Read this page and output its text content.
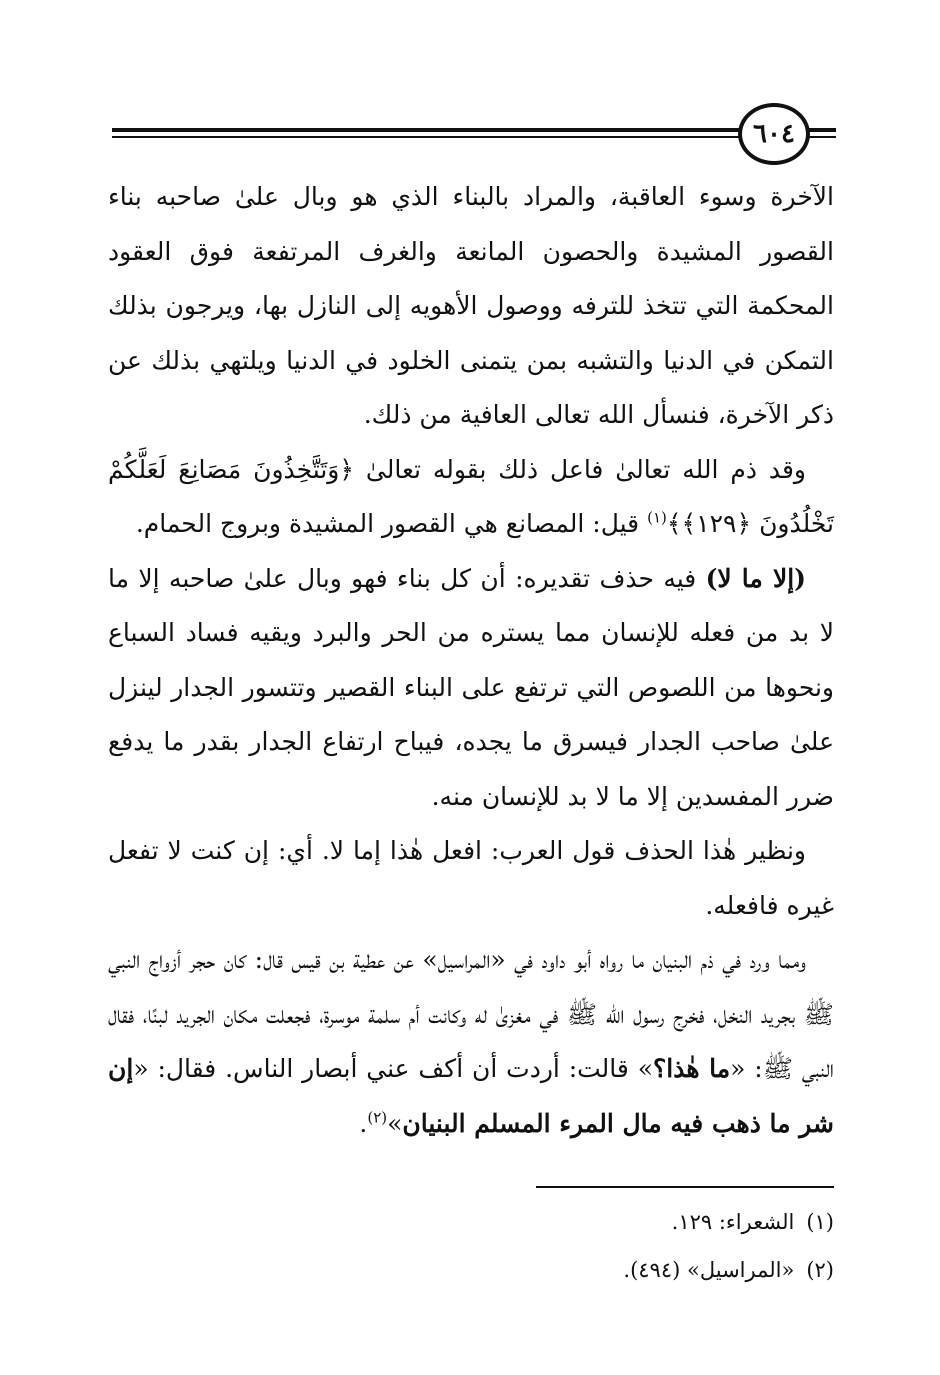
٦٠٤

الآخرة وسوء العاقبة، والمراد بالبناء الذي هو وبال علىٰ صاحبه بناء القصور المشيدة والحصون المانعة والغرف المرتفعة فوق العقود المحكمة التي تتخذ للترفه ووصول الأهويه إلى النازل بها، ويرجون بذلك التمكن في الدنيا والتشبه بمن يتمنى الخلود في الدنيا ويلتهي بذلك عن ذكر الآخرة، فنسأل الله تعالى العافية من ذلك.

وقد ذم الله تعالىٰ فاعل ذلك بقوله تعالىٰ ﴿وَتَتَّخِذُونَ مَصَانِعَ لَعَلَّكُمْ تَخْلُدُونَ ﴿١٢٩﴾﴾$^{(١)}$ قيل: المصانع هي القصور المشيدة وبروج الحمام.

(إلا ما لا) فيه حذف تقديره: أن كل بناء فهو وبال علىٰ صاحبه إلا ما لا بد من فعله للإنسان مما يستره من الحر والبرد ويقيه فساد السباع ونحوها من اللصوص التي ترتفع على البناء القصير وتتسور الجدار لينزل علىٰ صاحب الجدار فيسرق ما يجده، فيباح ارتفاع الجدار بقدر ما يدفع ضرر المفسدين إلا ما لا بد للإنسان منه.

ونظير هٰذا الحذف قول العرب: افعل هٰذا إما لا. أي: إن كنت لا تفعل غيره فافعله.

ومما ورد في ذم البنيان ما رواه أبو داود في «المراسيل» عن عطية بن قيس قال: كان حجر أزواج النبي ﷺ بجريد النخل، فخرج رسول الله ﷺ في مغزىٰ له وكانت أم سلمة موسرة، فجعلت مكان الجريد لبنًا، فقال النبي ﷺ: «ما هٰذا؟» قالت: أردت أن أكف عني أبصار الناس. فقال: «إن شر ما ذهب فيه مال المرء المسلم البنيان»$^{(٢)}$.

(١)الشعراء: ١٢٩.

(٢)«المراسيل» (٤٩٤).
